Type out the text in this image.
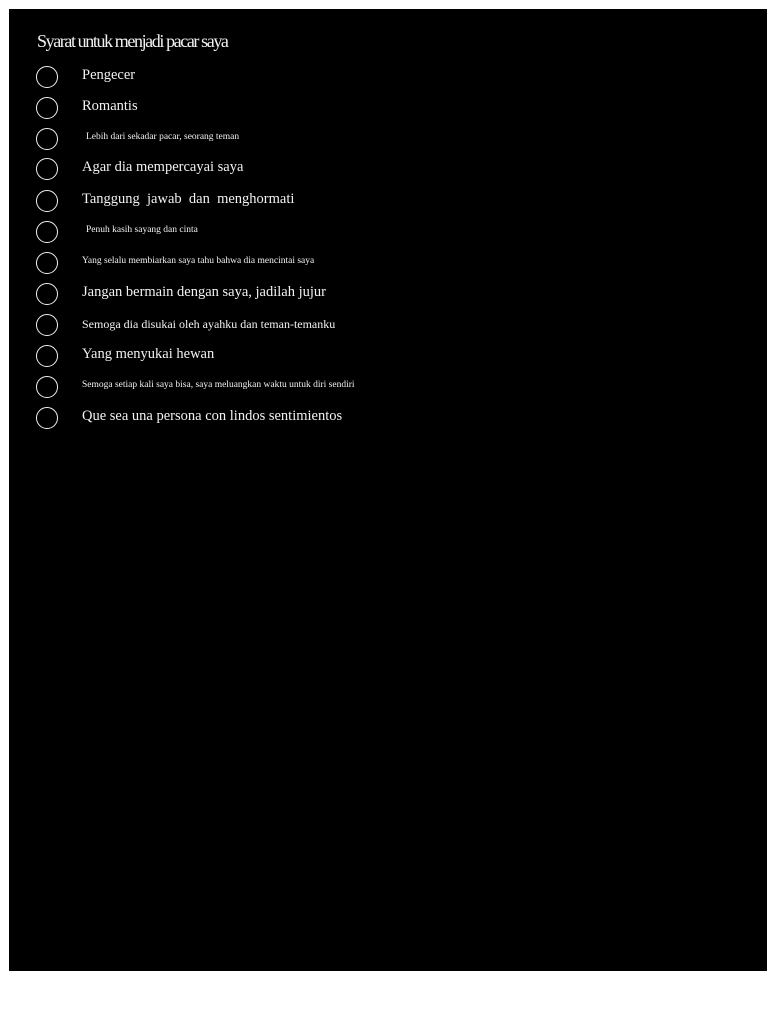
Syarat untuk menjadi pacar saya
Pengecer
Romantis
Lebih dari sekadar pacar, seorang teman
Agar dia mempercayai saya
Tanggung  jawab  dan  menghormati
Penuh kasih sayang dan cinta
Yang selalu membiarkan saya tahu bahwa dia mencintai saya
Jangan bermain dengan saya, jadilah jujur
Semoga dia disukai oleh ayahku dan teman-temanku
Yang menyukai hewan
Semoga setiap kali saya bisa, saya meluangkan waktu untuk diri sendiri
Que sea una persona con lindos sentimientos
